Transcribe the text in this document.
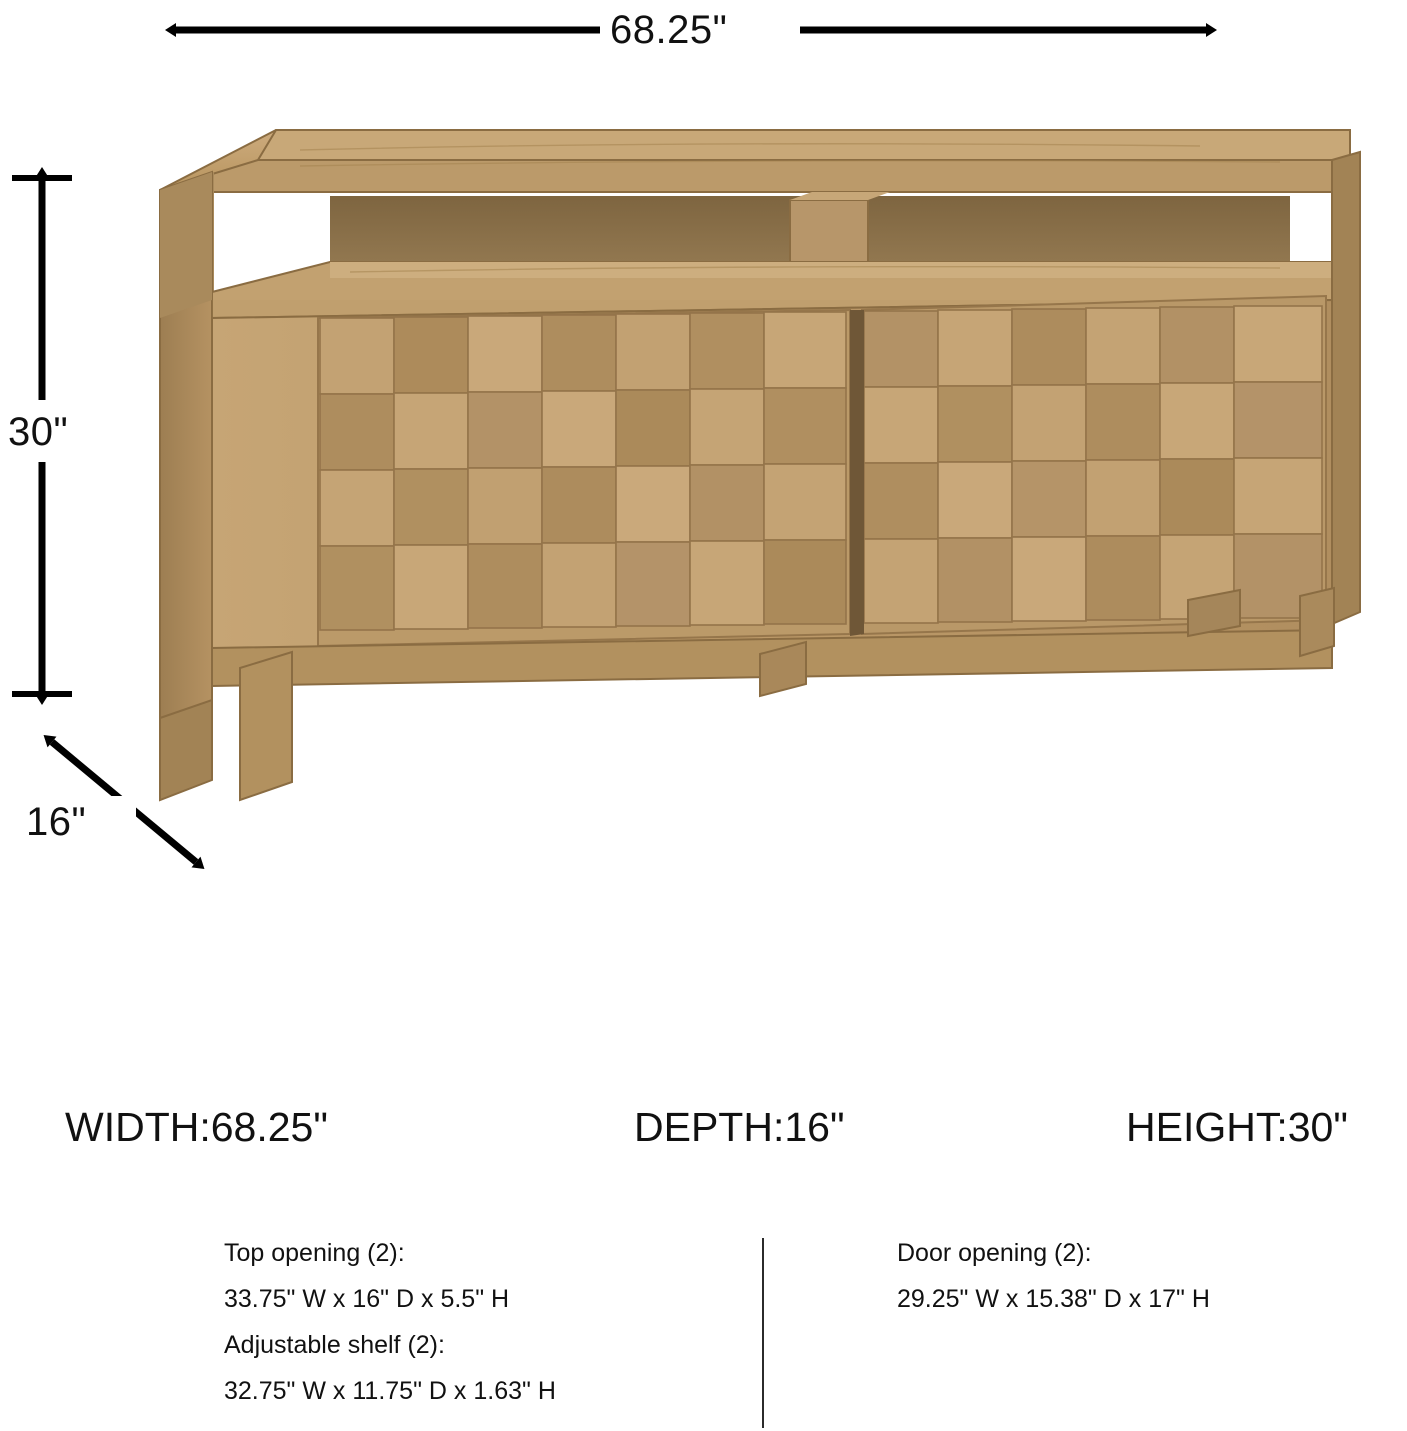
68.25"
30"
16"
WIDTH:68.25"	DEPTH:16"	HEIGHT:30"
Top opening (2):
33.75" W x 16" D x 5.5" H
Adjustable shelf (2):
32.75" W x 11.75" D x 1.63" H
Door opening (2):
29.25" W x 15.38" D x 17" H
